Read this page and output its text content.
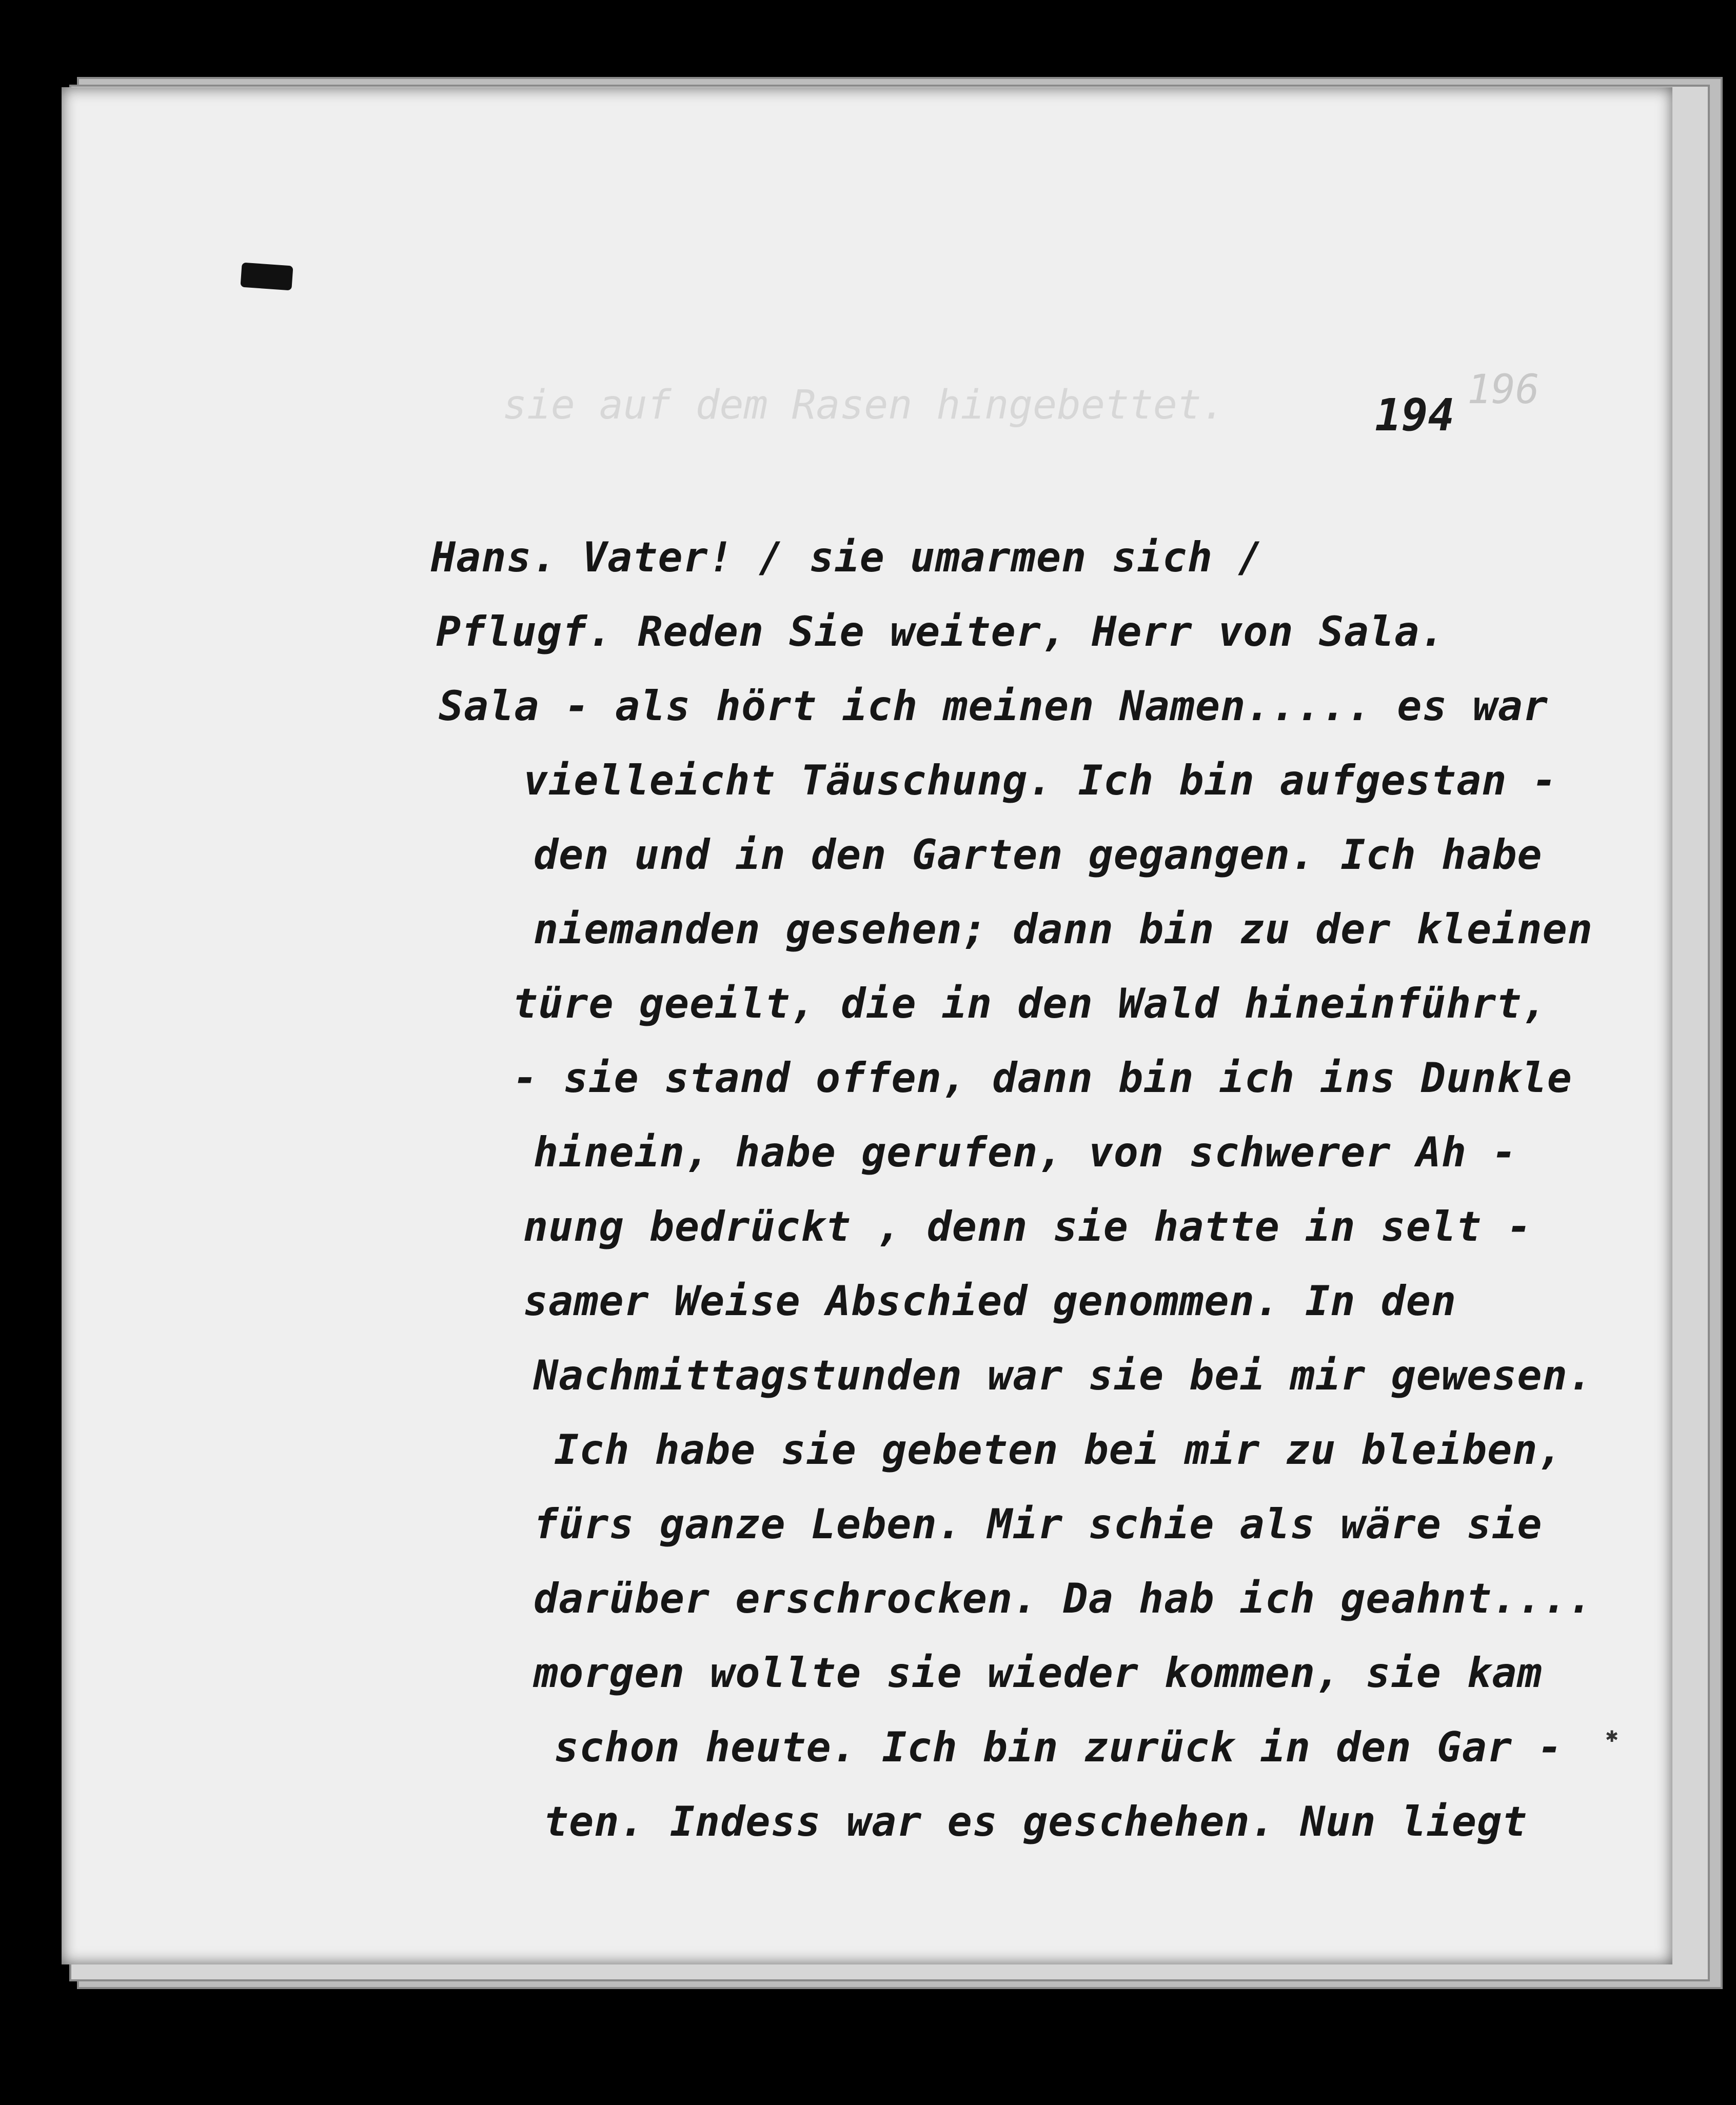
196
194
sie auf dem Rasen hingebettet.
Hans. Vater! / sie umarmen sich /
Pflugf. Reden Sie weiter, Herr von Sala.
Sala - als hört ich meinen Namen..... es war
vielleicht Täuschung. Ich bin aufgestan -
den und in den Garten gegangen. Ich habe
niemanden gesehen; dann bin zu der kleinen
türe geeilt, die in den Wald hineinführt,
- sie stand offen, dann bin ich ins Dunkle
hinein, habe gerufen, von schwerer Ah -
nung bedrückt , denn sie hatte in selt -
samer Weise Abschied genommen. In den
Nachmittagstunden war sie bei mir gewesen.
Ich habe sie gebeten bei mir zu bleiben,
fürs ganze Leben. Mir schie als wäre sie
darüber erschrocken. Da hab ich geahnt....
morgen wollte sie wieder kommen, sie kam
schon heute. Ich bin zurück in den Gar -
ten. Indess war es geschehen. Nun liegt
✱
